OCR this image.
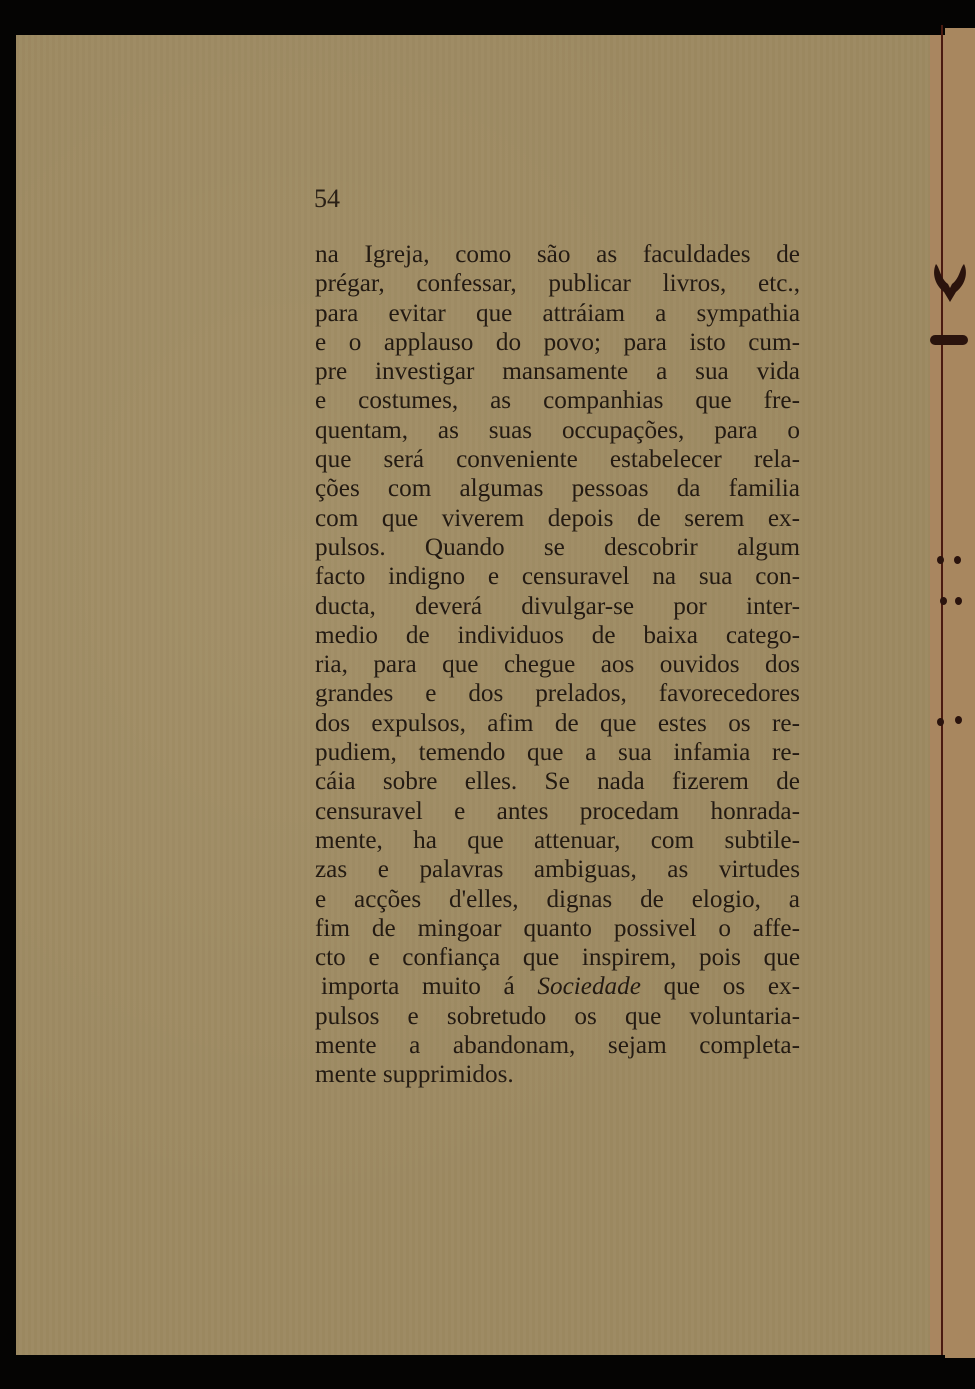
54
na Igreja, como são as faculdades de
prégar, confessar, publicar livros, etc.,
para evitar que attráiam a sympathia
e o applauso do povo; para isto cum-
pre investigar mansamente a sua vida
e costumes, as companhias que fre-
quentam, as suas occupações, para o
que será conveniente estabelecer rela-
ções com algumas pessoas da familia
com que viverem depois de serem ex-
pulsos. Quando se descobrir algum
facto indigno e censuravel na sua con-
ducta, deverá divulgar-se por inter-
medio de individuos de baixa catego-
ria, para que chegue aos ouvidos dos
grandes e dos prelados, favorecedores
dos expulsos, afim de que estes os re-
pudiem, temendo que a sua infamia re-
cáia sobre elles. Se nada fizerem de
censuravel e antes procedam honrada-
mente, ha que attenuar, com subtile-
zas e palavras ambiguas, as virtudes
e acções d'elles, dignas de elogio, a
fim de mingoar quanto possivel o affe-
cto e confiança que inspirem, pois que
importa muito á Sociedade que os ex-
pulsos e sobretudo os que voluntaria-
mente a abandonam, sejam completa-
mente supprimidos.
